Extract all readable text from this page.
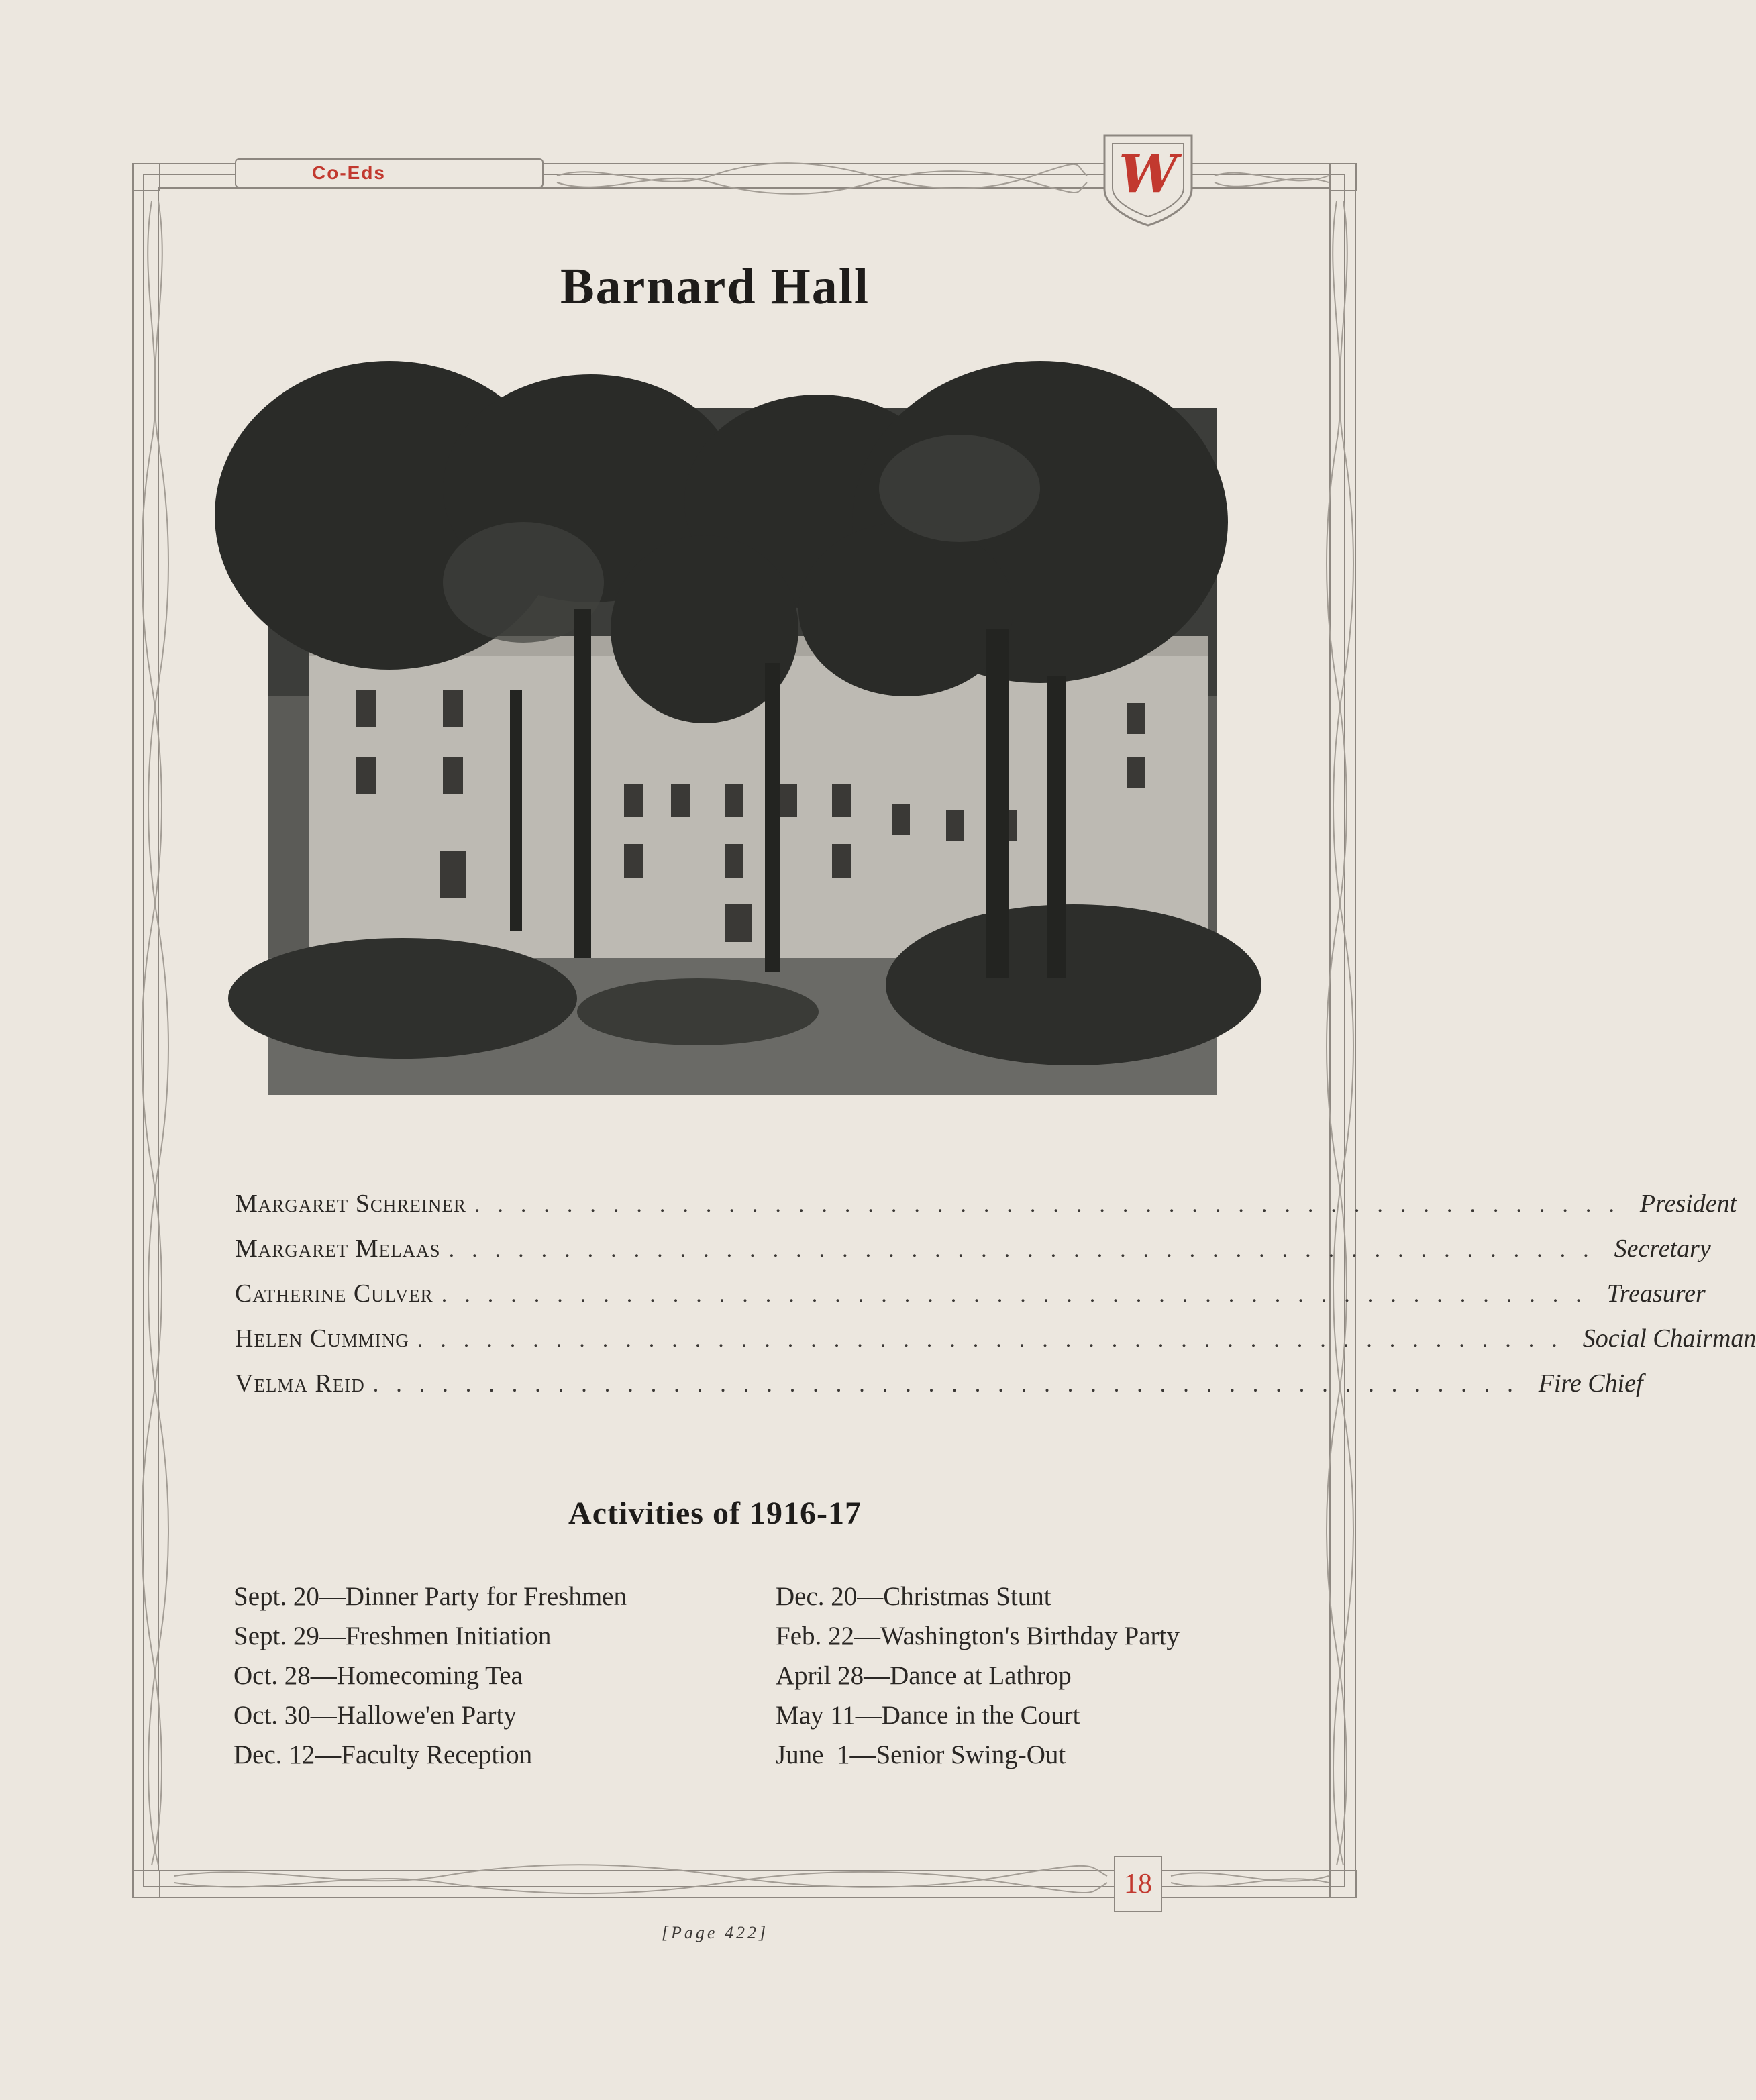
Co-Eds	W
Barnard Hall
Margaret Schreiner .................................................. President
Margaret Melaas .................................................. Secretary
Catherine Culver .................................................. Treasurer
Helen Cumming .................................................. Social Chairman
Velma Reid .................................................. Fire Chief
Activities of 1916-17
Sept. 20—Dinner Party for Freshmen
Sept. 29—Freshmen Initiation
Oct. 28—Homecoming Tea
Oct. 30—Hallowe'en Party
Dec. 12—Faculty Reception
Dec. 20—Christmas Stunt
Feb. 22—Washington's Birthday Party
April 28—Dance at Lathrop
May 11—Dance in the Court
June  1—Senior Swing-Out
18
[Page 422]
